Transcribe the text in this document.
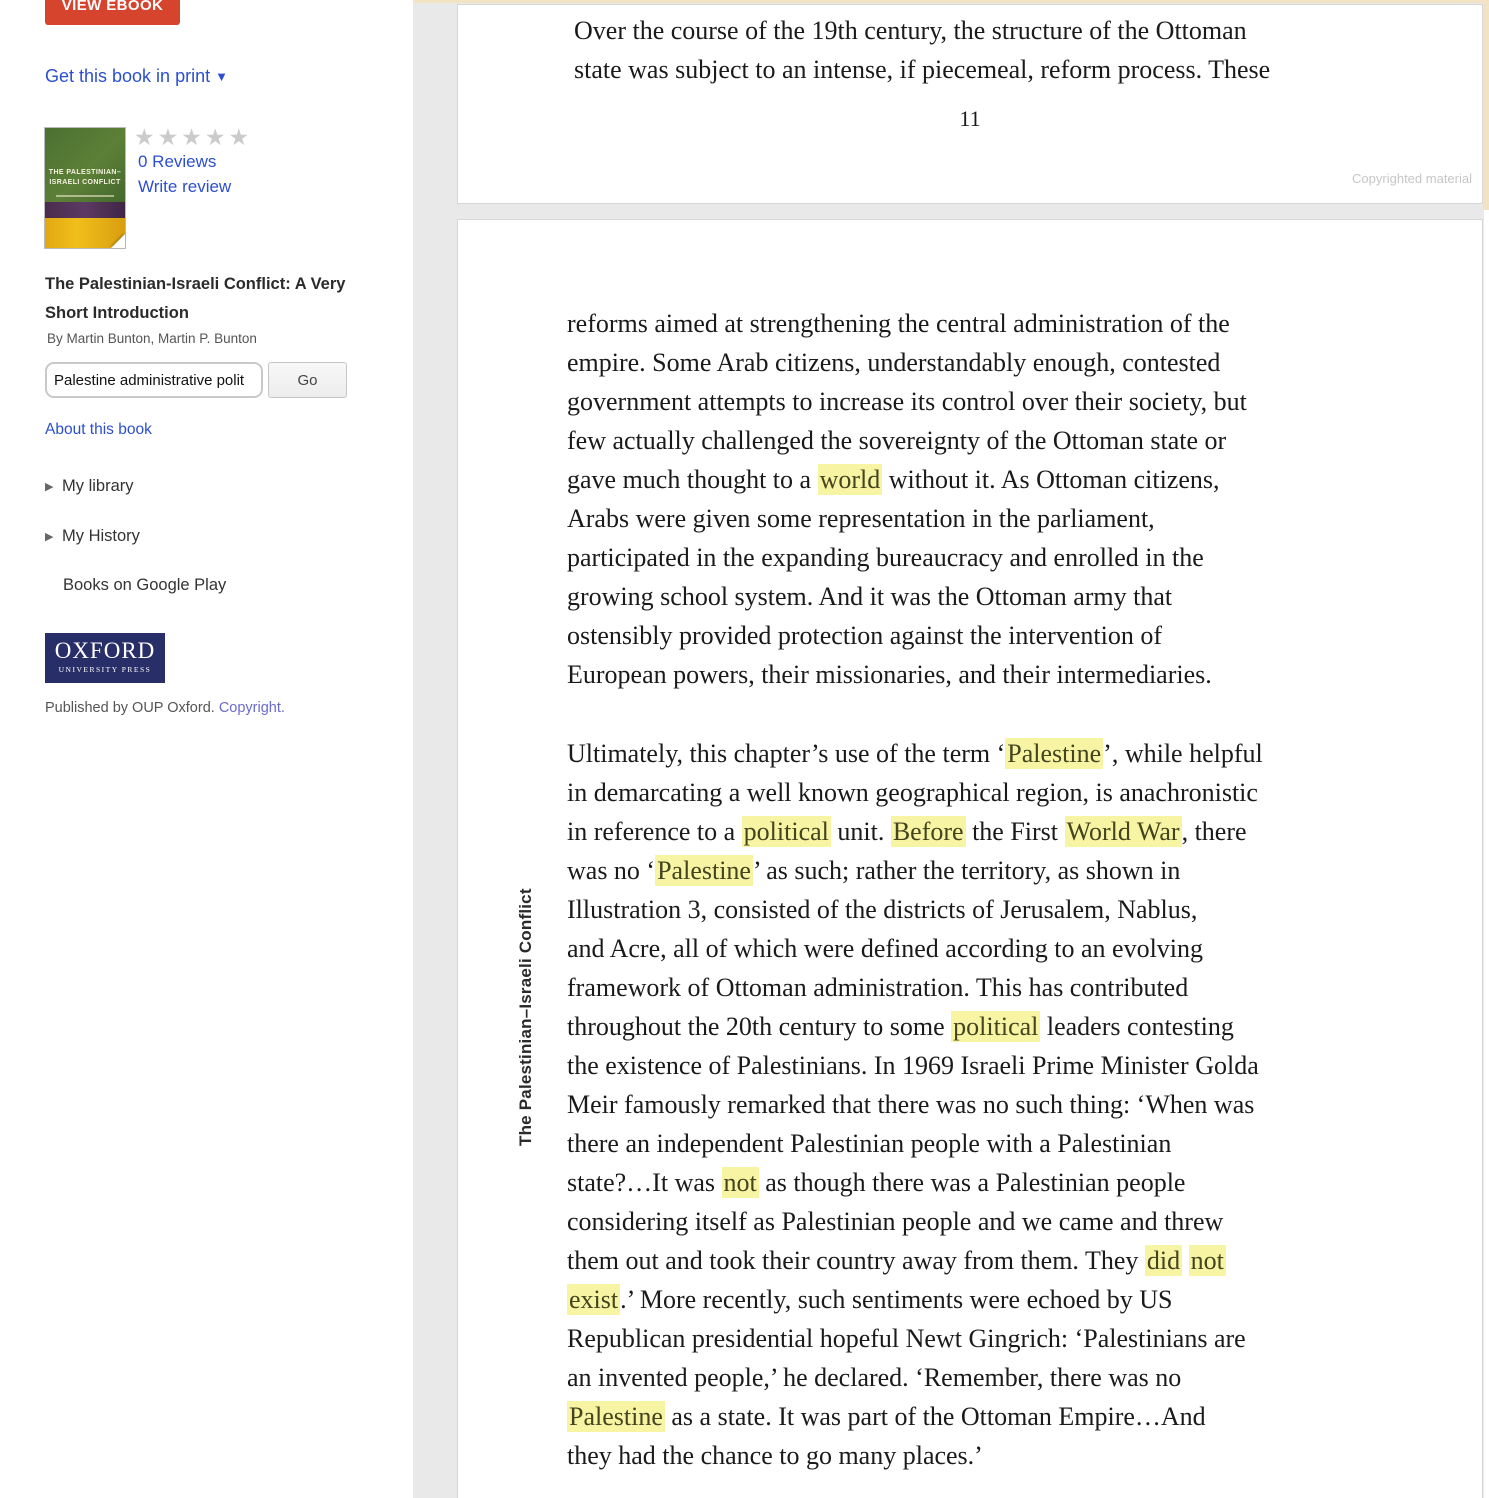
VIEW EBOOK
Get this book in print ▼
THE PALESTINIAN–
ISRAELI CONFLICT
★★★★★
0 Reviews
Write review
The Palestinian-Israeli Conflict: A Very Short Introduction
By Martin Bunton, Martin P. Bunton
Palestine administrative polit
Go
About this book
▶ My library
▶ My History
Books on Google Play
OXFORD
UNIVERSITY PRESS
Published by OUP Oxford. Copyright.
Over the course of the 19th century, the structure of the Ottoman
state was subject to an intense, if piecemeal, reform process. These
11
Copyrighted material
The Palestinian–Israeli Conflict
reforms aimed at strengthening the central administration of the
empire. Some Arab citizens, understandably enough, contested
government attempts to increase its control over their society, but
few actually challenged the sovereignty of the Ottoman state or
gave much thought to a world without it. As Ottoman citizens,
Arabs were given some representation in the parliament,
participated in the expanding bureaucracy and enrolled in the
growing school system. And it was the Ottoman army that
ostensibly provided protection against the intervention of
European powers, their missionaries, and their intermediaries.
Ultimately, this chapter’s use of the term ‘Palestine’, while helpful
in demarcating a well known geographical region, is anachronistic
in reference to a political unit. Before the First World War, there
was no ‘Palestine’ as such; rather the territory, as shown in
Illustration 3, consisted of the districts of Jerusalem, Nablus,
and Acre, all of which were defined according to an evolving
framework of Ottoman administration. This has contributed
throughout the 20th century to some political leaders contesting
the existence of Palestinians. In 1969 Israeli Prime Minister Golda
Meir famously remarked that there was no such thing: ‘When was
there an independent Palestinian people with a Palestinian
state?…It was not as though there was a Palestinian people
considering itself as Palestinian people and we came and threw
them out and took their country away from them. They did not
exist.’ More recently, such sentiments were echoed by US
Republican presidential hopeful Newt Gingrich: ‘Palestinians are
an invented people,’ he declared. ‘Remember, there was no
Palestine as a state. It was part of the Ottoman Empire…And
they had the chance to go many places.’
